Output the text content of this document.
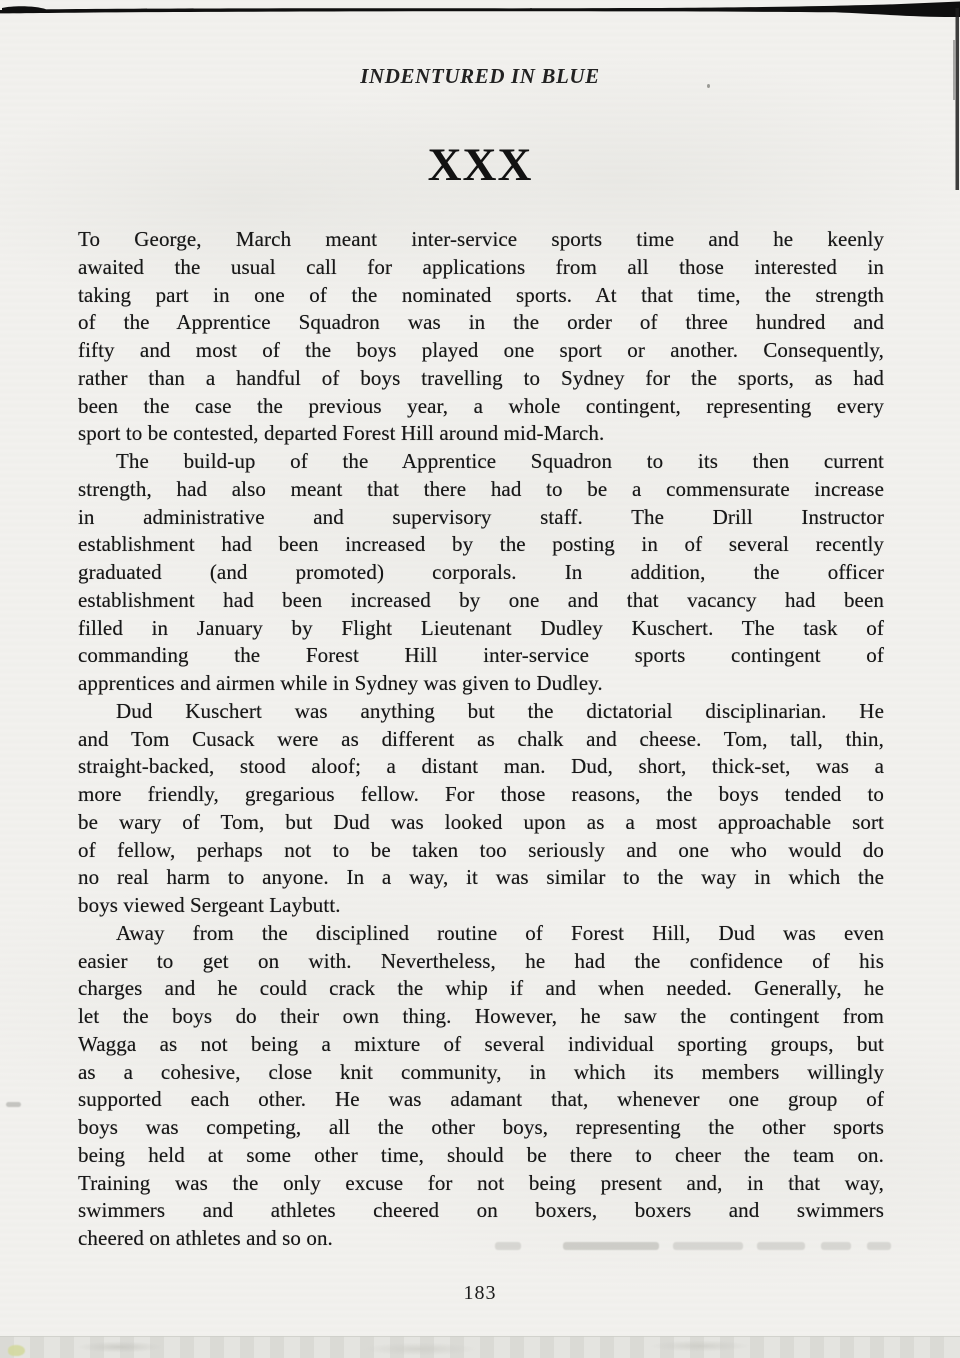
INDENTURED IN BLUE
XXX
To George, March meant inter-service sports time and he keenly
awaited the usual call for applications from all those interested in
taking part in one of the nominated sports. At that time, the strength
of the Apprentice Squadron was in the order of three hundred and
fifty and most of the boys played one sport or another. Consequently,
rather than a handful of boys travelling to Sydney for the sports, as had
been the case the previous year, a whole contingent, representing every
sport to be contested, departed Forest Hill around mid-March.
The build-up of the Apprentice Squadron to its then current
strength, had also meant that there had to be a commensurate increase
in administrative and supervisory staff. The Drill Instructor
establishment had been increased by the posting in of several recently
graduated (and promoted) corporals. In addition, the officer
establishment had been increased by one and that vacancy had been
filled in January by Flight Lieutenant Dudley Kuschert. The task of
commanding the Forest Hill inter-service sports contingent of
apprentices and airmen while in Sydney was given to Dudley.
Dud Kuschert was anything but the dictatorial disciplinarian. He
and Tom Cusack were as different as chalk and cheese. Tom, tall, thin,
straight-backed, stood aloof; a distant man. Dud, short, thick-set, was a
more friendly, gregarious fellow. For those reasons, the boys tended to
be wary of Tom, but Dud was looked upon as a most approachable sort
of fellow, perhaps not to be taken too seriously and one who would do
no real harm to anyone. In a way, it was similar to the way in which the
boys viewed Sergeant Laybutt.
Away from the disciplined routine of Forest Hill, Dud was even
easier to get on with. Nevertheless, he had the confidence of his
charges and he could crack the whip if and when needed. Generally, he
let the boys do their own thing. However, he saw the contingent from
Wagga as not being a mixture of several individual sporting groups, but
as a cohesive, close knit community, in which its members willingly
supported each other. He was adamant that, whenever one group of
boys was competing, all the other boys, representing the other sports
being held at some other time, should be there to cheer the team on.
Training was the only excuse for not being present and, in that way,
swimmers and athletes cheered on boxers, boxers and swimmers
cheered on athletes and so on.
183
